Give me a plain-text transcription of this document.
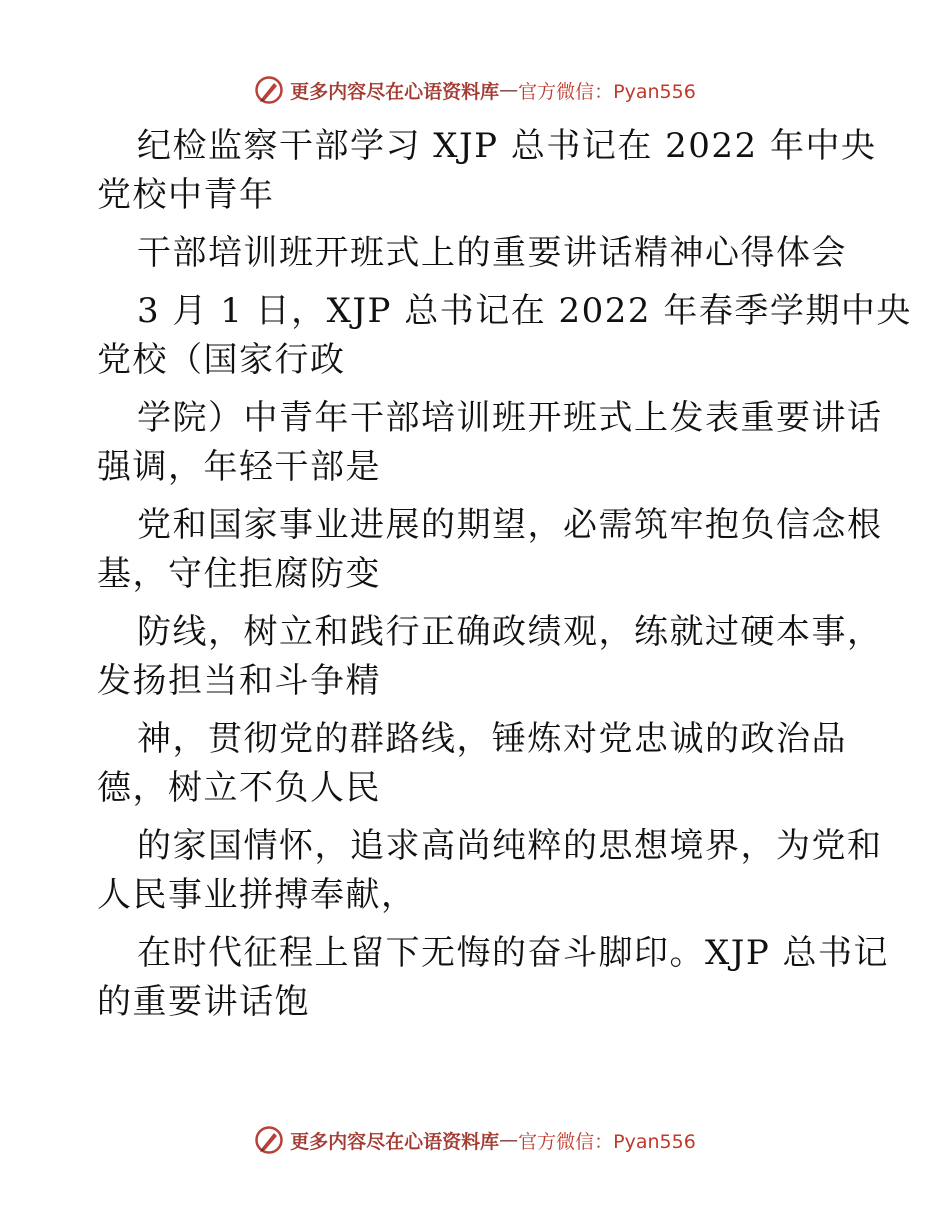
更多内容尽在心语资料库 — 官方微信：Pyan556
纪检监察干部学习 XJP 总书记在 2022 年中央
党校中青年
干部培训班开班式上的重要讲话精神心得体会
3 月 1 日，XJP 总书记在 2022 年春季学期中央
党校（国家行政
学院）中青年干部培训班开班式上发表重要讲话
强调，年轻干部是
党和国家事业进展的期望，必需筑牢抱负信念根
基，守住拒腐防变
防线，树立和践行正确政绩观，练就过硬本事，
发扬担当和斗争精
神，贯彻党的群路线，锤炼对党忠诚的政治品
德，树立不负人民
的家国情怀，追求高尚纯粹的思想境界，为党和
人民事业拼搏奉献，
在时代征程上留下无悔的奋斗脚印。XJP 总书记
的重要讲话饱
更多内容尽在心语资料库 — 官方微信：Pyan556
